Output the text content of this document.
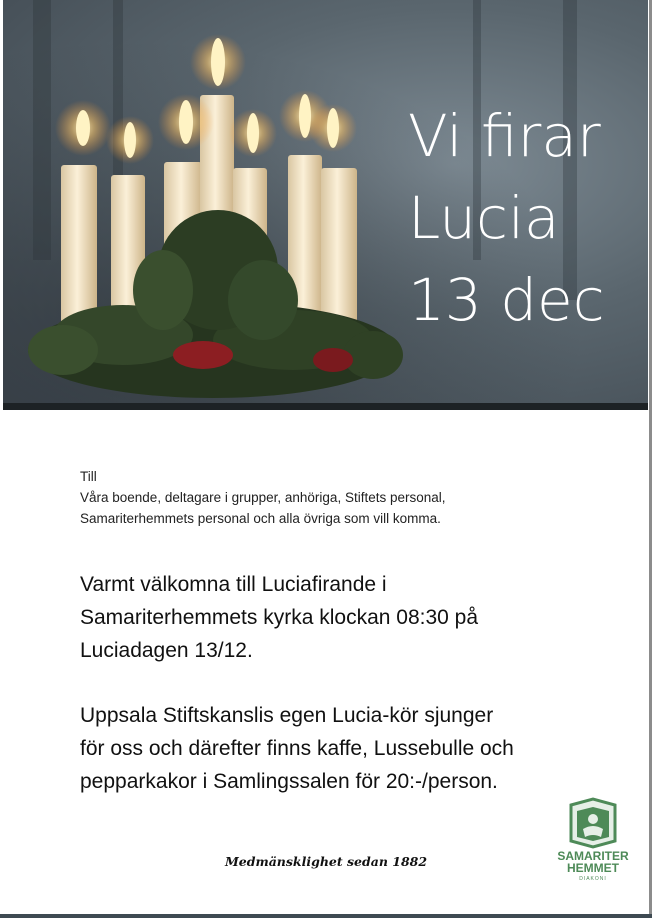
Vi firar
Lucia
13 dec
Till
Våra boende, deltagare i grupper, anhöriga, Stiftets personal,
Samariterhemmets personal och alla övriga som vill komma.
Varmt välkomna till Luciafirande i
Samariterhemmets kyrka klockan 08:30 på
Luciadagen 13/12.
Uppsala Stiftskanslis egen Lucia-kör sjunger
för oss och därefter finns kaffe, Lussebulle och
pepparkakor i Samlingssalen för 20:-/person.
Medmänsklighet sedan 1882	SAMARITER
HEMMET
DIAKONI
